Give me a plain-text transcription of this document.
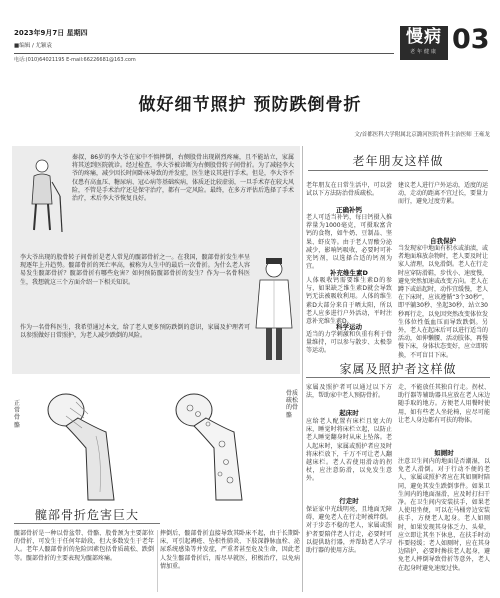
2023年9月7日 星期四
■编辑 / 尤颖袁
电话:(010)64021195 E-mail:66226681@163.com
慢病
老年健康 03
做好细节照护 预防跌倒骨折
文/首都医科大学附属北京潞河医院骨科主治医师 王雍龙
秦叔，86岁的李大爷在家中不慎摔倒，右侧股骨出现剧烈疼痛，且不能站立，家属将其送到医院就诊。经过检查，李大爷被诊断为右侧股骨转子间骨折。为了减轻李大爷的疼痛，减少因长时间卧床导致的并发症，医生建议其进行手术。但是，李大爷不仅患有高血压、糖尿病、冠心病等基础疾病，体质还比较虚弱，一旦手术存在较大风险，不管是手术治疗还是保守治疗，都有一定风险。最终，在多方评估后选择了手术治疗，术后李大爷恢复良好。
李大爷出现的股骨转子间骨折是老人常见的髋部骨折之一。在我国，髋部骨折发生率呈现逐年上升趋势。髋部骨折的死亡率高，被称为人生中的最后一次骨折。为什么老人容易发生髋部骨折？髋部骨折有哪些危害？如何预防髋部骨折的发生？作为一名骨科医生，我想就这三个方面介绍一下相关知识。
作为一名骨科医生，我希望通过本文，给了老人更多预防跌倒的意识，家属及护理者可以参照做好日常照护，为老人减少跌倒的风险。
老年朋友这样做
老年朋友在日常生活中，可以尝试以下方法防治骨质疏松。
正确补钙
老人可适当补钙，每日钙摄入推荐量为1000毫克，可摄取富含钙的食物，如牛奶、豆制品、坚果、虾皮等。由于老人胃酸分泌减少，影响钙吸收，必要时可补充钙剂，以选择合适的钙剂为宜。
补充维生素D
人体吸收钙需要维生素D的参与，如果缺乏维生素D就会导致钙无法被吸收利用。人体的维生素D大部分来自于晒太阳，所以老人应多进行户外活动，平时注意补充维生素D。
科学运动
适当的力学刺激和负重有利于骨量维持，可以参与散步、太极拳等运动。
建议老人进行户外运动，适度的运动，走动的距离不宜过长，要量力而行，避免过度劳累。
自我保护
当发现家中地面有积水或油渍，或者地面堆放杂物时，老人要及时让家人清理，以免滑倒。老人在行走时应穿防滑鞋，步伐小、速度慢，避免突然加速或改变方向。老人在蹲下或站起时，动作宜缓慢，老人在下床时，应该遵循“3个30秒”，即平躺30秒、坐起30秒、站立30秒再行走，以免因突然改变体位发生体位性低血压而导致跌倒。另外，老人在起床后可以进行适当的活动，如伸懒腰、活动肢体，再慢慢下床，身体状态变好，应立即转换，不可盲目下床。
家属及照护者这样做
家属及照护者可以通过以下方法，帮助家中老人预防骨折。
起床时
应给老人配置有床栏且宽大的床，睡觉时将床栏立起，以防止老人睡觉翻身时从床上坠落。老人起床时，家属或照护者应及时将床栏放下，千万不可让老人翻越床栏。老人若使用滑动的拐杖，应注意防滑，以免发生意外。
行走时
保证家中光线明亮，且地面无障碍，避免老人在行走时被绊倒。对于步态不稳的老人，家属或照护者要陪伴老人行走，必要时可以提供助行器，并帮助老人学习助行器的使用方法。
走，不能放任其独自行走。拐杖、助行器等辅助器具应放在老人床边随手取的地方。方便老人用餐时使用，如有些老人坐轮椅，应尽可能让老人身边都有可扶的物体。
如厕时
注意卫生间内的地面是否潮湿，以免老人滑倒。对于行动不便的老人，家属或照护者应在其如厕时陪同，避免其发生跌倒事件。如果卫生间内的地面湿滑，应及时打扫干净。在卫生间内安装扶手，如果老人使用坐便，可以在马桶旁边安装扶手，方便老人起身。老人如厕时，如果发现其身体乏力、头晕，应立即让其坐下休息，在扶手时动作要轻缓；老人如厕时，应在其身边陪护，必要时搀扶老人起身，避免老人摔倒导致骨折等意外，老人在起身时避免速度过快。
正常骨骼
骨质疏松的骨骼
髋部骨折危害巨大
髋部骨折是一种以骨盆带、骨骼、股骨颈为主要部位的骨折，可发生于任何年龄段，但大多数发生于老年人。老年人髋部骨折的危险因素包括骨质疏松、跌倒等。髋部骨折的主要表现为髋部疼痛。
摔倒后，髋部骨折直接导致其卧床不起，由于长期卧床，可引起褥疮、坠积性肺炎、下肢深静脉血栓、泌尿系统感染等并发症，严重者甚至危及生命，因此老人发生髋部骨折后，需尽早就医，积极治疗，以免病情加重。
